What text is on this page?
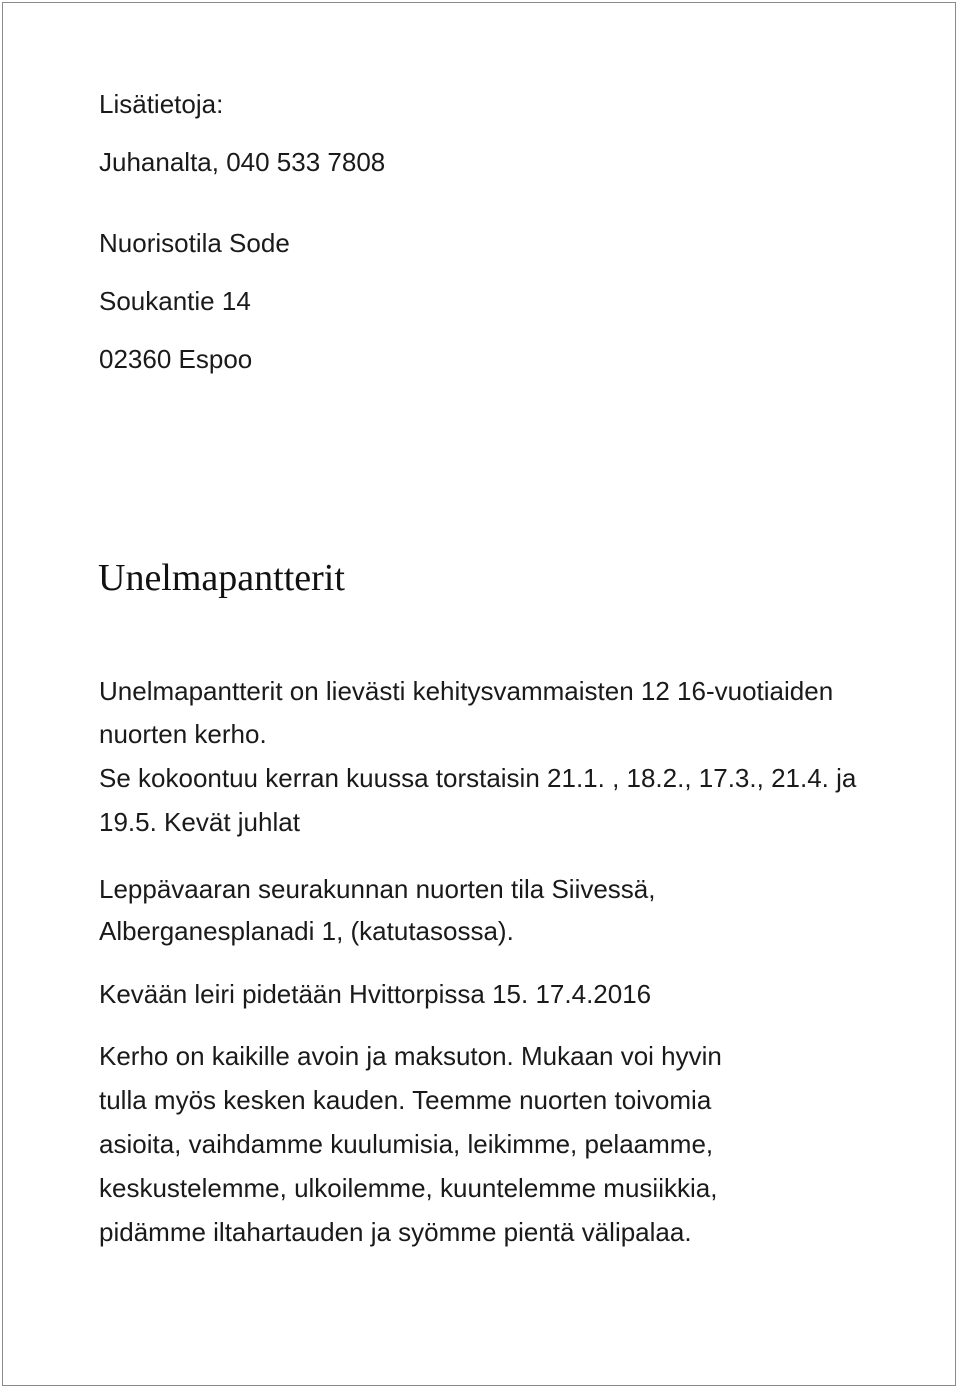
Lisätietoja:

Juhanalta, 040 533 7808

Nuorisotila Sode

Soukantie 14

02360 Espoo

Unelmapantterit

Unelmapantterit on lievästi kehitysvammaisten 12 16-vuotiaiden

nuorten kerho.

Se kokoontuu kerran kuussa torstaisin 21.1. , 18.2., 17.3., 21.4. ja

19.5. Kevät juhlat

Leppävaaran seurakunnan nuorten tila Siivessä,

Alberganesplanadi 1, (katutasossa).

Kevään leiri pidetään Hvittorpissa 15. 17.4.2016

Kerho on kaikille avoin ja maksuton. Mukaan voi hyvin

tulla myös kesken kauden. Teemme nuorten toivomia

asioita, vaihdamme kuulumisia, leikimme, pelaamme,

keskustelemme, ulkoilemme, kuuntelemme musiikkia,

pidämme iltahartauden ja syömme pientä välipalaa.
